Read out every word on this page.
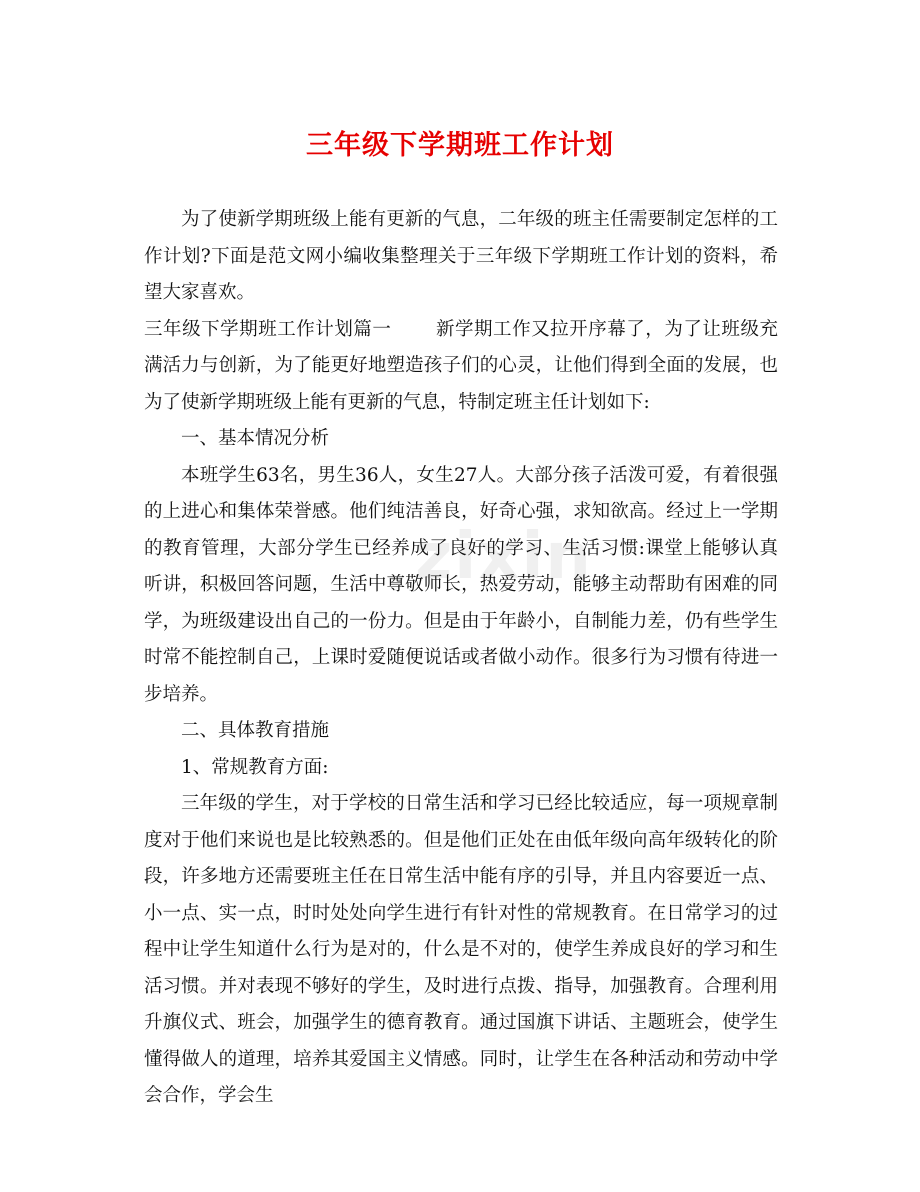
三年级下学期班工作计划
zixin

为了使新学期班级上能有更新的气息，二年级的班主任需要制定怎样的工作计划?下面是范文网小编收集整理关于三年级下学期班工作计划的资料，希望大家喜欢。

三年级下学期班工作计划篇一 新学期工作又拉开序幕了，为了让班级充满活力与创新，为了能更好地塑造孩子们的心灵，让他们得到全面的发展，也为了使新学期班级上能有更新的气息，特制定班主任计划如下:

一、基本情况分析

本班学生63名，男生36人，女生27人。大部分孩子活泼可爱，有着很强的上进心和集体荣誉感。他们纯洁善良，好奇心强，求知欲高。经过上一学期的教育管理，大部分学生已经养成了良好的学习、生活习惯:课堂上能够认真听讲，积极回答问题，生活中尊敬师长，热爱劳动，能够主动帮助有困难的同学，为班级建设出自己的一份力。但是由于年龄小，自制能力差，仍有些学生时常不能控制自己，上课时爱随便说话或者做小动作。很多行为习惯有待进一步培养。

二、具体教育措施

1、常规教育方面:

三年级的学生，对于学校的日常生活和学习已经比较适应，每一项规章制度对于他们来说也是比较熟悉的。但是他们正处在由低年级向高年级转化的阶段，许多地方还需要班主任在日常生活中能有序的引导，并且内容要近一点、小一点、实一点，时时处处向学生进行有针对性的常规教育。在日常学习的过程中让学生知道什么行为是对的，什么是不对的，使学生养成良好的学习和生活习惯。并对表现不够好的学生，及时进行点拨、指导，加强教育。合理利用升旗仪式、班会，加强学生的德育教育。通过国旗下讲话、主题班会，使学生懂得做人的道理，培养其爱国主义情感。同时，让学生在各种活动和劳动中学会合作，学会生
